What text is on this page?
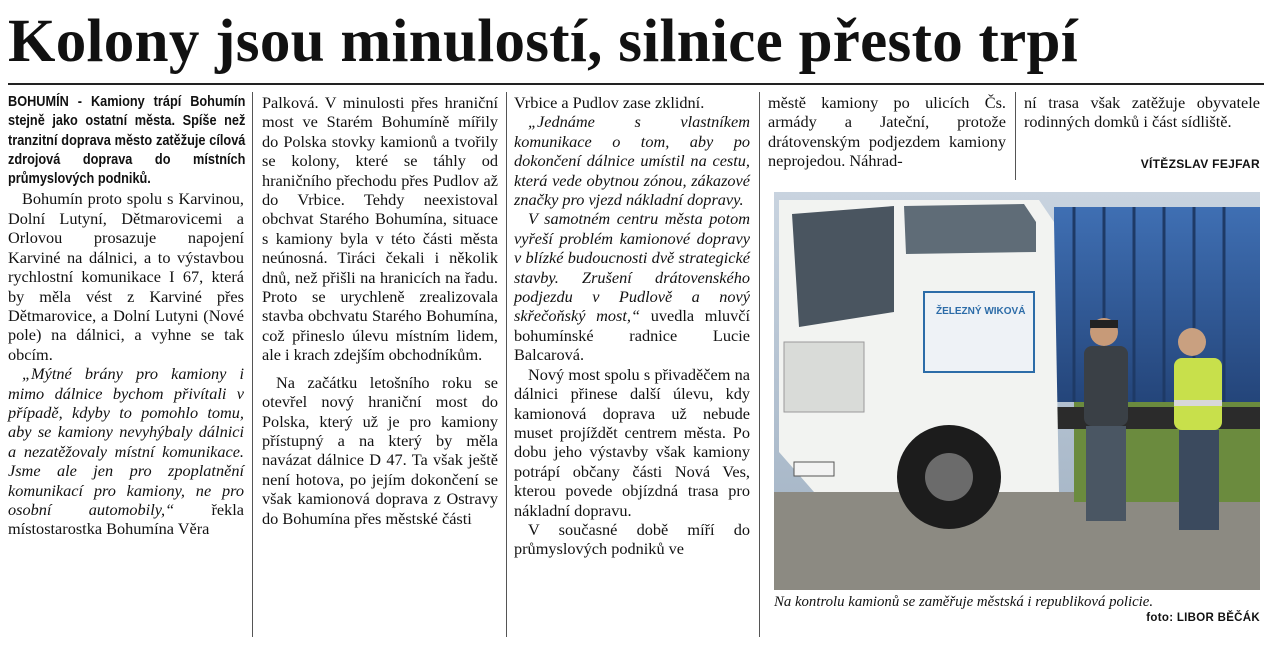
Kolony jsou minulostí, silnice přesto trpí
BOHUMÍN - Kamiony trápí Bohumín stejně jako ostatní města. Spíše než tranzitní doprava město zatěžuje cílová zdrojová doprava do místních průmyslových podniků.

Bohumín proto spolu s Karvinou, Dolní Lutyní, Dětmarovicemi a Orlovou prosazuje napojení Karviné na dálnici, a to výstavbou rychlostní komunikace I 67, která by měla vést z Karviné přes Dětmarovice, a Dolní Lutyni (Nové pole) na dálnici, a vyhne se tak obcím.

„Mýtné brány pro kamiony i mimo dálnice bychom přivítali v případě, kdyby to pomohlo tomu, aby se kamiony nevyhýbaly dálnici a nezatěžovaly místní komunikace. Jsme ale jen pro zpoplatnění komunikací pro kamiony, ne pro osobní automobily,“ řekla místostarostka Bohumína Věra

Palková. V minulosti přes hraniční most ve Starém Bohumíně mířily do Polska stovky kamionů a tvořily se kolony, které se táhly od hraničního přechodu přes Pudlov až do Vrbice. Tehdy neexistoval obchvat Starého Bohumína, situace s kamiony byla v této části města neúnosná. Tiráci čekali i několik dnů, než přišli na hranicích na řadu. Proto se urychleně zrealizovala stavba obchvatu Starého Bohumína, což přineslo úlevu místním lidem, ale i krach zdejším obchodníkům.

Na začátku letošního roku se otevřel nový hraniční most do Polska, který už je pro kamiony přístupný a na který by měla navázat dálnice D 47. Ta však ještě není hotova, po jejím dokončení se však kamionová doprava z Ostravy do Bohumína přes městské části

Vrbice a Pudlov zase zklidní.

„Jednáme s vlastníkem komunikace o tom, aby po dokončení dálnice umístil na cestu, která vede obytnou zónou, zákazové značky pro vjezd nákladní dopravy.

V samotném centru města potom vyřeší problém kamionové dopravy v blízké budoucnosti dvě strategické stavby. Zrušení drátovenského podjezdu v Pudlově a nový skřečoňský most,“ uvedla mluvčí bohumínské radnice Lucie Balcarová.

Nový most spolu s přivaděčem na dálnici přinese další úlevu, kdy kamionová doprava už nebude muset projíždět centrem města. Po dobu jeho výstavby však kamiony potrápí občany části Nová Ves, kterou povede objízdná trasa pro nákladní dopravu.

V současné době míří do průmyslových podniků ve

městě kamiony po ulicích Čs. armády a Jateční, protože drátovenským podjezdem kamiony neprojedou. Náhrad-

ní trasa však zatěžuje obyvatele rodinných domků i část sídliště.

VÍTĚZSLAV FEJFAR
ŽELEZNÝ WIKOVÁ
Na kontrolu kamionů se zaměřuje městská i republiková policie.
foto: LIBOR BĚČÁK
